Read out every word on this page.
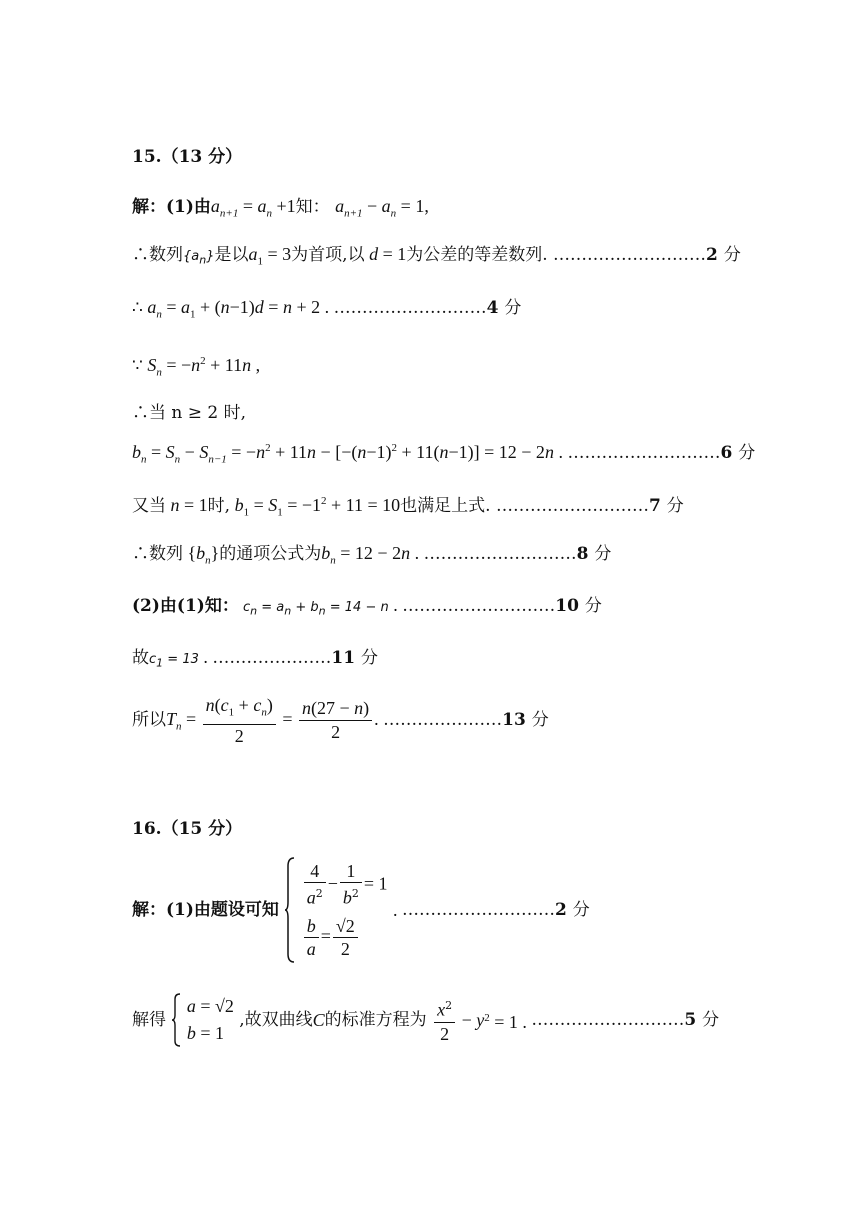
15.（13 分）
解：(1)由$a_{n+1} = a_n +1$知： $a_{n+1} - a_n = 1$,
∴数列$\{a_n\}$是以$a_1 = 3$为首项,以 d = 1为公差的等差数列. ………………………2 分
∴ $a_n = a_1 + (n-1)d = n + 2$ . ………………………4 分
∵ $S_n = -n^2 + 11n$ ,
∴当 n ≥ 2 时,
$b_n = S_n - S_{n-1} = -n^2 + 11n - [-(n-1)^2 + 11(n-1)] = 12 - 2n$ . ………………………6 分
又当 n = 1时, $b_1 = S_1 = -1^2 + 11 = 10$也满足上式. ………………………7 分
∴数列 $\{b_n\}$的通项公式为$b_n = 12 - 2n$ . ………………………8 分
(2)由(1)知： $c_n = a_n + b_n = 14 - n$ . ………………………10 分
故$c_1 = 13$ . …………………11 分
所以$T_n = \frac{n(c_1 + c_n)}{2} = \frac{n(27 - n)}{2}$ . …………………13 分
16.（15 分）
解：(1)由题设可知
$\frac{4}{a^2} - \frac{1}{b^2} = 1$
$\frac{b}{a} = \frac{√2}{2}$
. ………………………2 分
解得
a = √2
b = 1
,故双曲线C的标准方程为 $\frac{x^2}{2} - y^2 = 1$ . ………………………5 分
